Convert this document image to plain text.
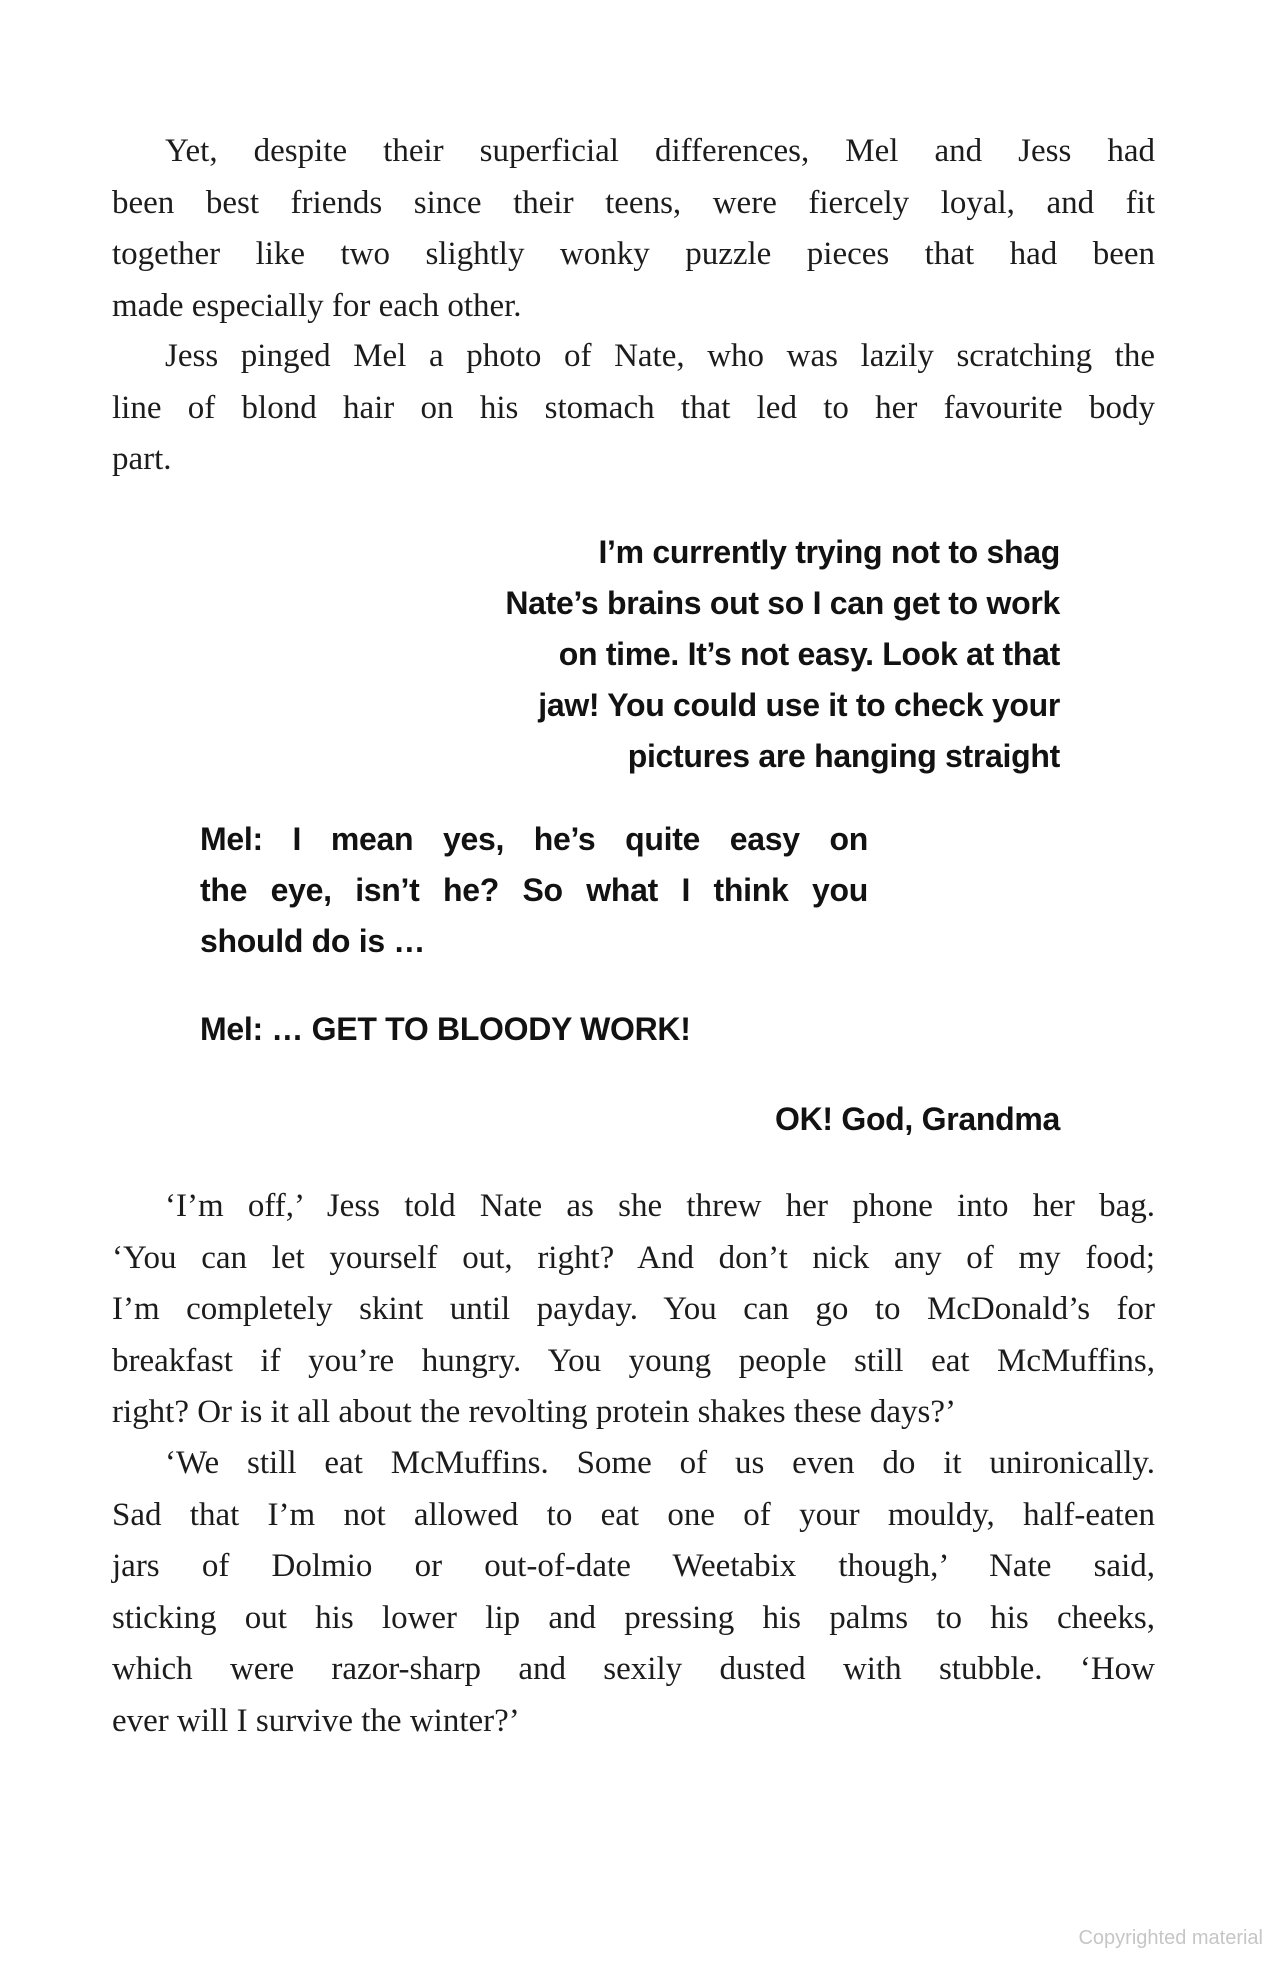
Yet, despite their superficial differences, Mel and Jess had
been best friends since their teens, were fiercely loyal, and fit
together like two slightly wonky puzzle pieces that had been
made especially for each other.
Jess pinged Mel a photo of Nate, who was lazily scratching the
line of blond hair on his stomach that led to her favourite body
part.
I’m currently trying not to shag
Nate’s brains out so I can get to work
on time. It’s not easy. Look at that
jaw! You could use it to check your
pictures are hanging straight
Mel: I mean yes, he’s quite easy on
the eye, isn’t he? So what I think you
should do is …
Mel: … GET TO BLOODY WORK!
OK! God, Grandma
‘I’m off,’ Jess told Nate as she threw her phone into her bag.
‘You can let yourself out, right? And don’t nick any of my food;
I’m completely skint until payday. You can go to McDonald’s for
breakfast if you’re hungry. You young people still eat McMuffins,
right? Or is it all about the revolting protein shakes these days?’
‘We still eat McMuffins. Some of us even do it unironically.
Sad that I’m not allowed to eat one of your mouldy, half-eaten
jars of Dolmio or out-of-date Weetabix though,’ Nate said,
sticking out his lower lip and pressing his palms to his cheeks,
which were razor-sharp and sexily dusted with stubble. ‘How
ever will I survive the winter?’
Copyrighted material
